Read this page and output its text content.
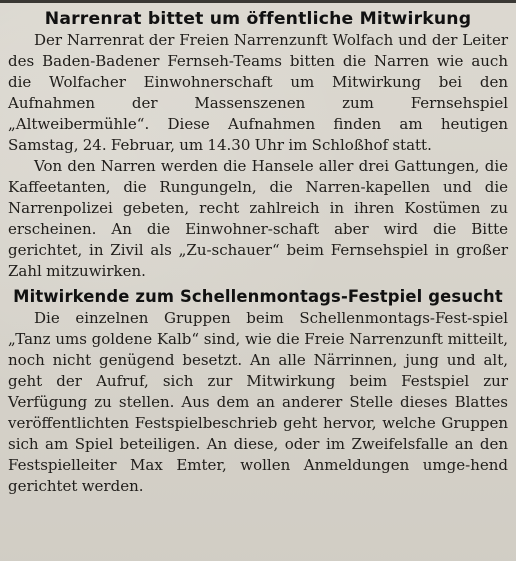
Narrenrat bittet um öffentliche Mitwirkung

Der Narrenrat der Freien Narrenzunft Wolfach und der Leiter des Baden-Badener Fernseh-Teams bitten die Narren wie auch die Wolfacher Einwohnerschaft um Mitwirkung bei den Aufnahmen der Massenszenen zum Fernsehspiel „Altweibermühle“. Diese Aufnahmen finden am heutigen Samstag, 24. Februar, um 14.30 Uhr im Schloßhof statt.

Von den Narren werden die Hansele aller drei Gattungen, die Kaffeetanten, die Rungungeln, die Narren-kapellen und die Narrenpolizei gebeten, recht zahlreich in ihren Kostümen zu erscheinen. An die Einwohner-schaft aber wird die Bitte gerichtet, in Zivil als „Zu-schauer“ beim Fernsehspiel in großer Zahl mitzuwirken.

Mitwirkende zum Schellenmontags-Festpiel gesucht

Die einzelnen Gruppen beim Schellenmontags-Fest-spiel „Tanz ums goldene Kalb“ sind, wie die Freie Narrenzunft mitteilt, noch nicht genügend besetzt. An alle Närrinnen, jung und alt, geht der Aufruf, sich zur Mitwirkung beim Festspiel zur Verfügung zu stellen. Aus dem an anderer Stelle dieses Blattes veröffentlichten Festspielbeschrieb geht hervor, welche Gruppen sich am Spiel beteiligen. An diese, oder im Zweifelsfalle an den Festspielleiter Max Emter, wollen Anmeldungen umge-hend gerichtet werden.
